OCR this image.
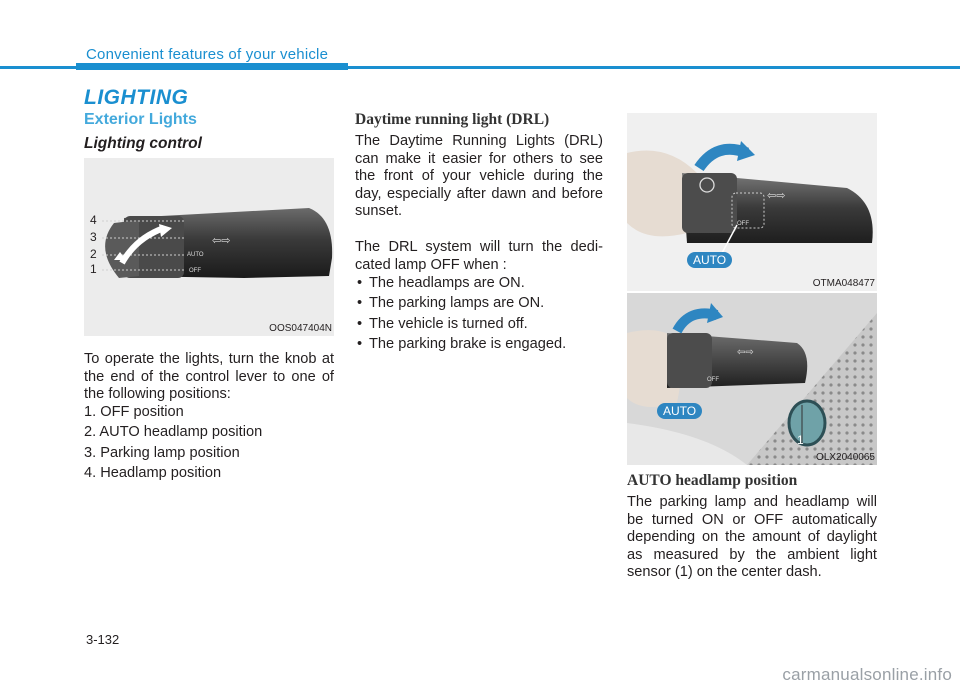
Convenient features of your vehicle
LIGHTING
Exterior Lights
Lighting control
⇦⇨
OFF
AUTO
4
3
2
1
OOS047404N
To operate the lights, turn the knob at the end of the control lever to one of the following positions:
1. OFF position
2. AUTO headlamp position
3. Parking lamp position
4. Headlamp position
Daytime running light (DRL)
The Daytime Running Lights (DRL) can make it easier for others to see the front of your vehicle during the day, especially after dawn and before sunset.
The DRL system will turn the dedi-cated lamp OFF when :
• The headlamps are ON.
• The parking lamps are ON.
• The vehicle is turned off.
• The parking brake is engaged.
⇦⇨
OFF
AUTO
OTMA048477
⇦⇨
OFF
AUTO
1
OLX2040065
AUTO headlamp position
The parking lamp and headlamp will be turned ON or OFF automatically depending on the amount of daylight as measured by the ambient light sensor (1) on the center dash.
3-132
carmanualsonline.info
